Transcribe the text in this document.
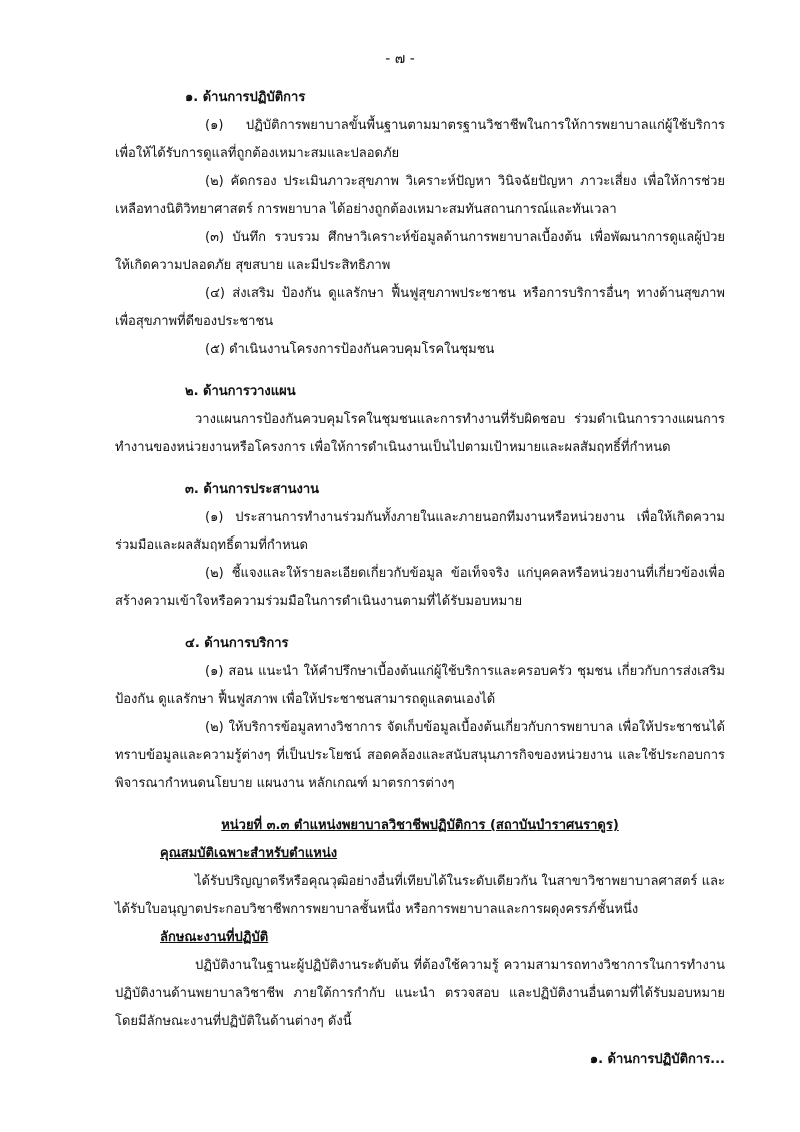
- ๗ -
๑. ด้านการปฏิบัติการ
(๑) ปฏิบัติการพยาบาลขั้นพื้นฐานตามมาตรฐานวิชาชีพในการให้การพยาบาลแก่ผู้ใช้บริการเพื่อให้ได้รับการดูแลที่ถูกต้องเหมาะสมและปลอดภัย
(๒) คัดกรอง ประเมินภาวะสุขภาพ วิเคราะห์ปัญหา วินิจฉัยปัญหา ภาวะเสี่ยง เพื่อให้การช่วยเหลือทางนิติวิทยาศาสตร์ การพยาบาล ได้อย่างถูกต้องเหมาะสมทันสถานการณ์และทันเวลา
(๓) บันทึก รวบรวม ศึกษาวิเคราะห์ข้อมูลด้านการพยาบาลเบื้องต้น เพื่อพัฒนาการดูแลผู้ป่วย ให้เกิดความปลอดภัย สุขสบาย และมีประสิทธิภาพ
(๔) ส่งเสริม ป้องกัน ดูแลรักษา ฟื้นฟูสุขภาพประชาชน หรือการบริการอื่นๆ ทางด้านสุขภาพเพื่อสุขภาพที่ดีของประชาชน
(๕) ดำเนินงานโครงการป้องกันควบคุมโรคในชุมชน
๒. ด้านการวางแผน
วางแผนการป้องกันควบคุมโรคในชุมชนและการทำงานที่รับผิดชอบ ร่วมดำเนินการวางแผนการทำงานของหน่วยงานหรือโครงการ เพื่อให้การดำเนินงานเป็นไปตามเป้าหมายและผลสัมฤทธิ์ที่กำหนด
๓. ด้านการประสานงาน
(๑) ประสานการทำงานร่วมกันทั้งภายในและภายนอกทีมงานหรือหน่วยงาน เพื่อให้เกิดความร่วมมือและผลสัมฤทธิ์ตามที่กำหนด
(๒) ชี้แจงและให้รายละเอียดเกี่ยวกับข้อมูล ข้อเท็จจริง แก่บุคคลหรือหน่วยงานที่เกี่ยวข้องเพื่อสร้างความเข้าใจหรือความร่วมมือในการดำเนินงานตามที่ได้รับมอบหมาย
๔. ด้านการบริการ
(๑) สอน แนะนำ ให้คำปรึกษาเบื้องต้นแก่ผู้ใช้บริการและครอบครัว ชุมชน เกี่ยวกับการส่งเสริมป้องกัน ดูแลรักษา ฟื้นฟูสภาพ เพื่อให้ประชาชนสามารถดูแลตนเองได้
(๒) ให้บริการข้อมูลทางวิชาการ จัดเก็บข้อมูลเบื้องต้นเกี่ยวกับการพยาบาล เพื่อให้ประชาชนได้ทราบข้อมูลและความรู้ต่างๆ ที่เป็นประโยชน์ สอดคล้องและสนับสนุนภารกิจของหน่วยงาน และใช้ประกอบการพิจารณากำหนดนโยบาย แผนงาน หลักเกณฑ์ มาตรการต่างๆ
หน่วยที่ ๓.๓ ตำแหน่งพยาบาลวิชาชีพปฏิบัติการ (สถาบันบำราศนราดูร)
คุณสมบัติเฉพาะสำหรับตำแหน่ง
ได้รับปริญญาตรีหรือคุณวุฒิอย่างอื่นที่เทียบได้ในระดับเดียวกัน ในสาขาวิชาพยาบาลศาสตร์ และได้รับใบอนุญาตประกอบวิชาชีพการพยาบาลชั้นหนึ่ง หรือการพยาบาลและการผดุงครรภ์ชั้นหนึ่ง
ลักษณะงานที่ปฏิบัติ
ปฏิบัติงานในฐานะผู้ปฏิบัติงานระดับต้น ที่ต้องใช้ความรู้ ความสามารถทางวิชาการในการทำงานปฏิบัติงานด้านพยาบาลวิชาชีพ ภายใต้การกำกับ แนะนำ ตรวจสอบ และปฏิบัติงานอื่นตามที่ได้รับมอบหมายโดยมีลักษณะงานที่ปฏิบัติในด้านต่างๆ ดังนี้
๑. ด้านการปฏิบัติการ...
